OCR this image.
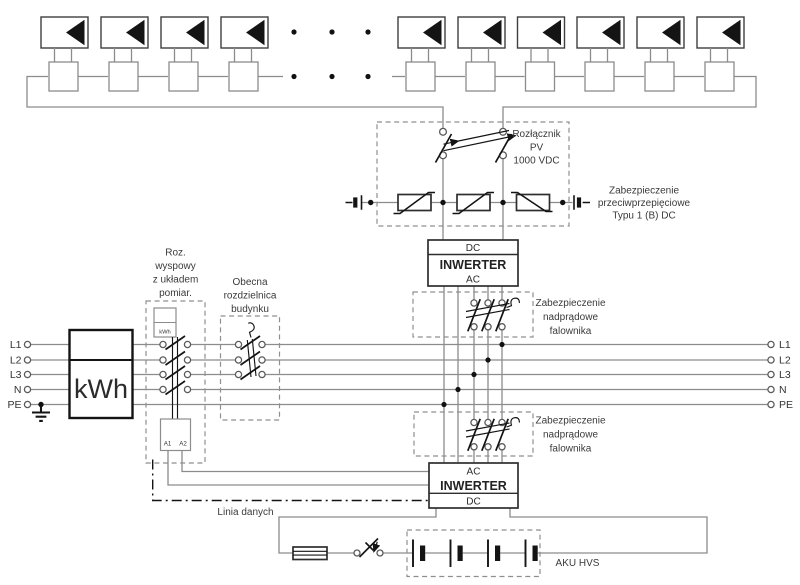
Rozłącznik
PV
1000 VDC
Zabezpieczenie
przeciwprzepięciowe
Typu 1 (B) DC
DC
INWERTER
AC
Zabezpieczenie
nadprądowe
falownika
L1
L2
L3
N
PE
L1
L2
L3
N
PE
kWh
Roz.
wyspowy
z układem
pomiar.
kWh
A1 A2
Obecna
rozdzielnica
budynku
Zabezpieczenie
nadprądowe
falownika
AC
INWERTER
DC
Linia danych
AKU HVS
